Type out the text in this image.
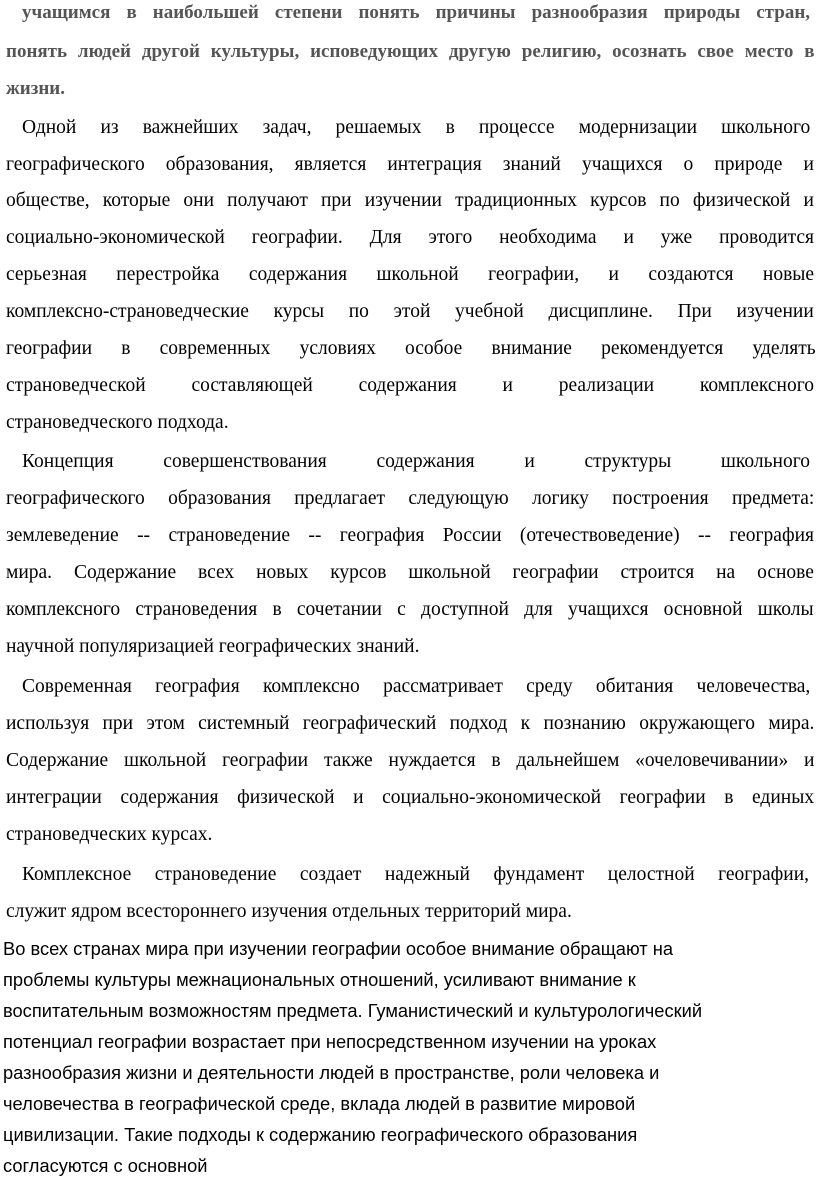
учащимся в наибольшей степени понять причины разнообразия природы стран,
понять людей другой культуры, исповедующих другую религию, осознать свое место в
жизни.
Одной из важнейших задач, решаемых в процессе модернизации школьного
географического образования, является интеграция знаний учащихся о природе и
обществе, которые они получают при изучении традиционных курсов по физической и
социально-экономической географии. Для этого необходима и уже проводится
серьезная перестройка содержания школьной географии, и создаются новые
комплексно-страноведческие курсы по этой учебной дисциплине. При изучении
географии в современных условиях особое внимание рекомендуется уделять
страноведческой составляющей содержания и реализации комплексного
страноведческого подхода.
Концепция	совершенствования	содержания	и	структуры	школьного
географического образования предлагает следующую логику построения предмета:
землеведение -- страноведение -- география России (отечествоведение) -- география
мира. Содержание всех новых курсов школьной географии строится на основе
комплексного страноведения в сочетании с доступной для учащихся основной школы
научной популяризацией географических знаний.
Современная география комплексно рассматривает среду обитания человечества,
используя при этом системный географический подход к познанию окружающего мира.
Содержание школьной географии также нуждается в дальнейшем «очеловечивании» и
интеграции содержания физической и социально-экономической географии в единых
страноведческих курсах.
Комплексное страноведение создает надежный фундамент целостной географии,
служит ядром всестороннего изучения отдельных территорий мира.
Во всех странах мира при изучении географии особое внимание обращают на
проблемы культуры межнациональных отношений, усиливают внимание к
воспитательным возможностям предмета. Гуманистический и культурологический
потенциал географии возрастает при непосредственном изучении на уроках
разнообразия жизни и деятельности людей в пространстве, роли человека и
человечества в географической среде, вклада людей в развитие мировой
цивилизации. Такие подходы к содержанию географического образования
согласуются с основной
